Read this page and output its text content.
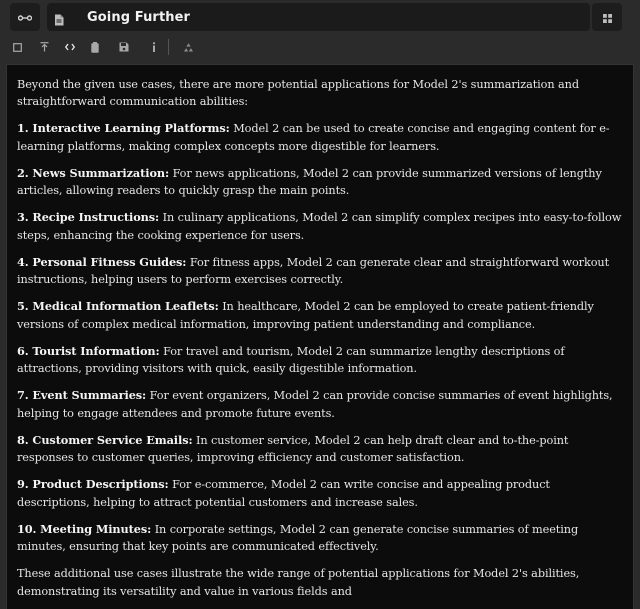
Going Further

Beyond the given use cases, there are more potential applications for Model 2's summarization and straightforward communication abilities:

1. Interactive Learning Platforms: Model 2 can be used to create concise and engaging content for e-learning platforms, making complex concepts more digestible for learners.

2. News Summarization: For news applications, Model 2 can provide summarized versions of lengthy articles, allowing readers to quickly grasp the main points.

3. Recipe Instructions: In culinary applications, Model 2 can simplify complex recipes into easy-to-follow steps, enhancing the cooking experience for users.

4. Personal Fitness Guides: For fitness apps, Model 2 can generate clear and straightforward workout instructions, helping users to perform exercises correctly.

5. Medical Information Leaflets: In healthcare, Model 2 can be employed to create patient-friendly versions of complex medical information, improving patient understanding and compliance.

6. Tourist Information: For travel and tourism, Model 2 can summarize lengthy descriptions of attractions, providing visitors with quick, easily digestible information.

7. Event Summaries: For event organizers, Model 2 can provide concise summaries of event highlights, helping to engage attendees and promote future events.

8. Customer Service Emails: In customer service, Model 2 can help draft clear and to-the-point responses to customer queries, improving efficiency and customer satisfaction.

9. Product Descriptions: For e-commerce, Model 2 can write concise and appealing product descriptions, helping to attract potential customers and increase sales.

10. Meeting Minutes: In corporate settings, Model 2 can generate concise summaries of meeting minutes, ensuring that key points are communicated effectively.

These additional use cases illustrate the wide range of potential applications for Model 2's abilities, demonstrating its versatility and value in various fields and
